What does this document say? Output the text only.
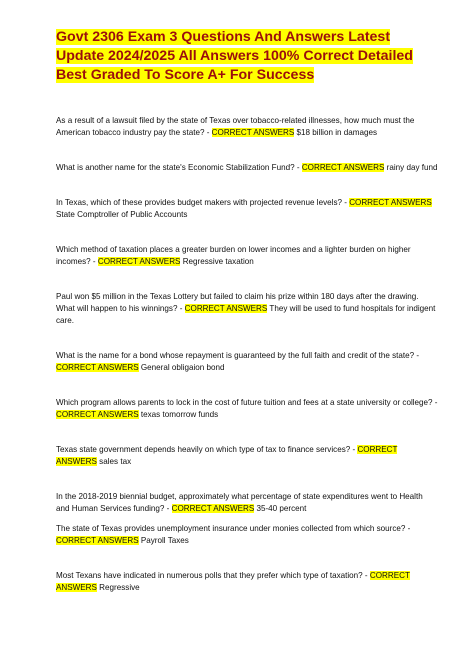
Govt 2306 Exam 3 Questions And Answers Latest Update 2024/2025 All Answers 100% Correct Detailed Best Graded To Score A+ For Success

As a result of a lawsuit filed by the state of Texas over tobacco-related illnesses, how much must the American tobacco industry pay the state? - CORRECT ANSWERS $18 billion in damages

What is another name for the state's Economic Stabilization Fund? - CORRECT ANSWERS rainy day fund

In Texas, which of these provides budget makers with projected revenue levels? - CORRECT ANSWERS State Comptroller of Public Accounts

Which method of taxation places a greater burden on lower incomes and a lighter burden on higher incomes? - CORRECT ANSWERS Regressive taxation

Paul won $5 million in the Texas Lottery but failed to claim his prize within 180 days after the drawing. What will happen to his winnings? - CORRECT ANSWERS They will be used to fund hospitals for indigent care.

What is the name for a bond whose repayment is guaranteed by the full faith and credit of the state? - CORRECT ANSWERS General obligaion bond

Which program allows parents to lock in the cost of future tuition and fees at a state university or college? - CORRECT ANSWERS texas tomorrow funds

Texas state government depends heavily on which type of tax to finance services? - CORRECT ANSWERS sales tax

In the 2018-2019 biennial budget, approximately what percentage of state expenditures went to Health and Human Services funding? - CORRECT ANSWERS 35-40 percent

The state of Texas provides unemployment insurance under monies collected from which source? - CORRECT ANSWERS Payroll Taxes

Most Texans have indicated in numerous polls that they prefer which type of taxation? - CORRECT ANSWERS Regressive
